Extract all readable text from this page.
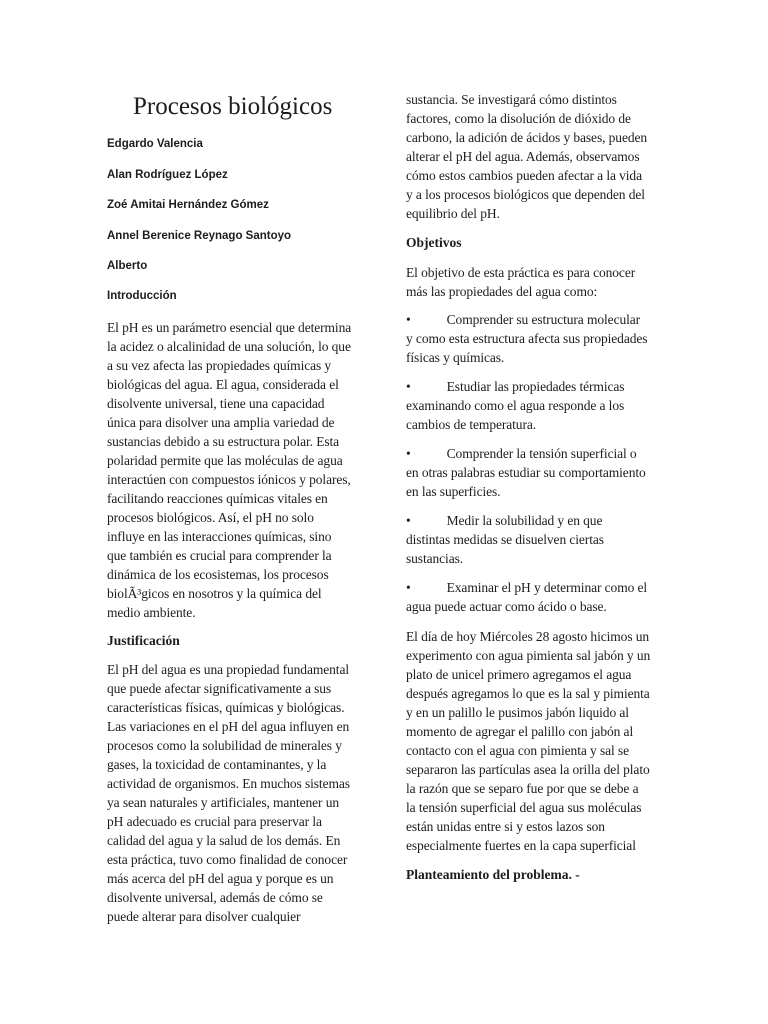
Procesos biológicos

Edgardo Valencia

Alan Rodríguez López

Zoé Amitai Hernández Gómez

Annel Berenice Reynago Santoyo

Alberto

Introducción

El pH es un parámetro esencial que determina
la acidez o alcalinidad de una solución, lo que
a su vez afecta las propiedades químicas y
biológicas del agua. El agua, considerada el
disolvente universal, tiene una capacidad
única para disolver una amplia variedad de
sustancias debido a su estructura polar. Esta
polaridad permite que las moléculas de agua
interactúen con compuestos iónicos y polares,
facilitando reacciones químicas vitales en
procesos biológicos. Así, el pH no solo
influye en las interacciones químicas, sino
que también es crucial para comprender la
dinámica de los ecosistemas, los procesos
biolÃ³gicos en nosotros y la química del
medio ambiente.

Justificación

El pH del agua es una propiedad fundamental
que puede afectar significativamente a sus
características físicas, químicas y biológicas.
Las variaciones en el pH del agua influyen en
procesos como la solubilidad de minerales y
gases, la toxicidad de contaminantes, y la
actividad de organismos. En muchos sistemas
ya sean naturales y artificiales, mantener un
pH adecuado es crucial para preservar la
calidad del agua y la salud de los demás. En
esta práctica, tuvo como finalidad de conocer
más acerca del pH del agua y porque es un
disolvente universal, además de cómo se
puede alterar para disolver cualquier
sustancia. Se investigará cómo distintos
factores, como la disolución de dióxido de
carbono, la adición de ácidos y bases, pueden
alterar el pH del agua. Además, observamos
cómo estos cambios pueden afectar a la vida
y a los procesos biológicos que dependen del
equilibrio del pH.

Objetivos

El objetivo de esta práctica es para conocer
más las propiedades del agua como:
•	Comprender su estructura molecular
y como esta estructura afecta sus propiedades
físicas y químicas.
•	Estudiar las propiedades térmicas
examinando como el agua responde a los
cambios de temperatura.
•	Comprender la tensión superficial o
en otras palabras estudiar su comportamiento
en las superficies.
•	Medir la solubilidad y en que
distintas medidas se disuelven ciertas
sustancias.
•	Examinar el pH y determinar como el
agua puede actuar como ácido o base.
El día de hoy Miércoles 28 agosto hicimos un
experimento con agua pimienta sal jabón y un
plato de unicel primero agregamos el agua
después agregamos lo que es la sal y pimienta
y en un palillo le pusimos jabón liquido al
momento de agregar el palillo con jabón al
contacto con el agua con pimienta y sal se
separaron las partículas asea la orilla del plato
la razón que se separo fue por que se debe a
la tensión superficial del agua sus moléculas
están unidas entre si y estos lazos son
especialmente fuertes en la capa superficial

Planteamiento del problema. -
